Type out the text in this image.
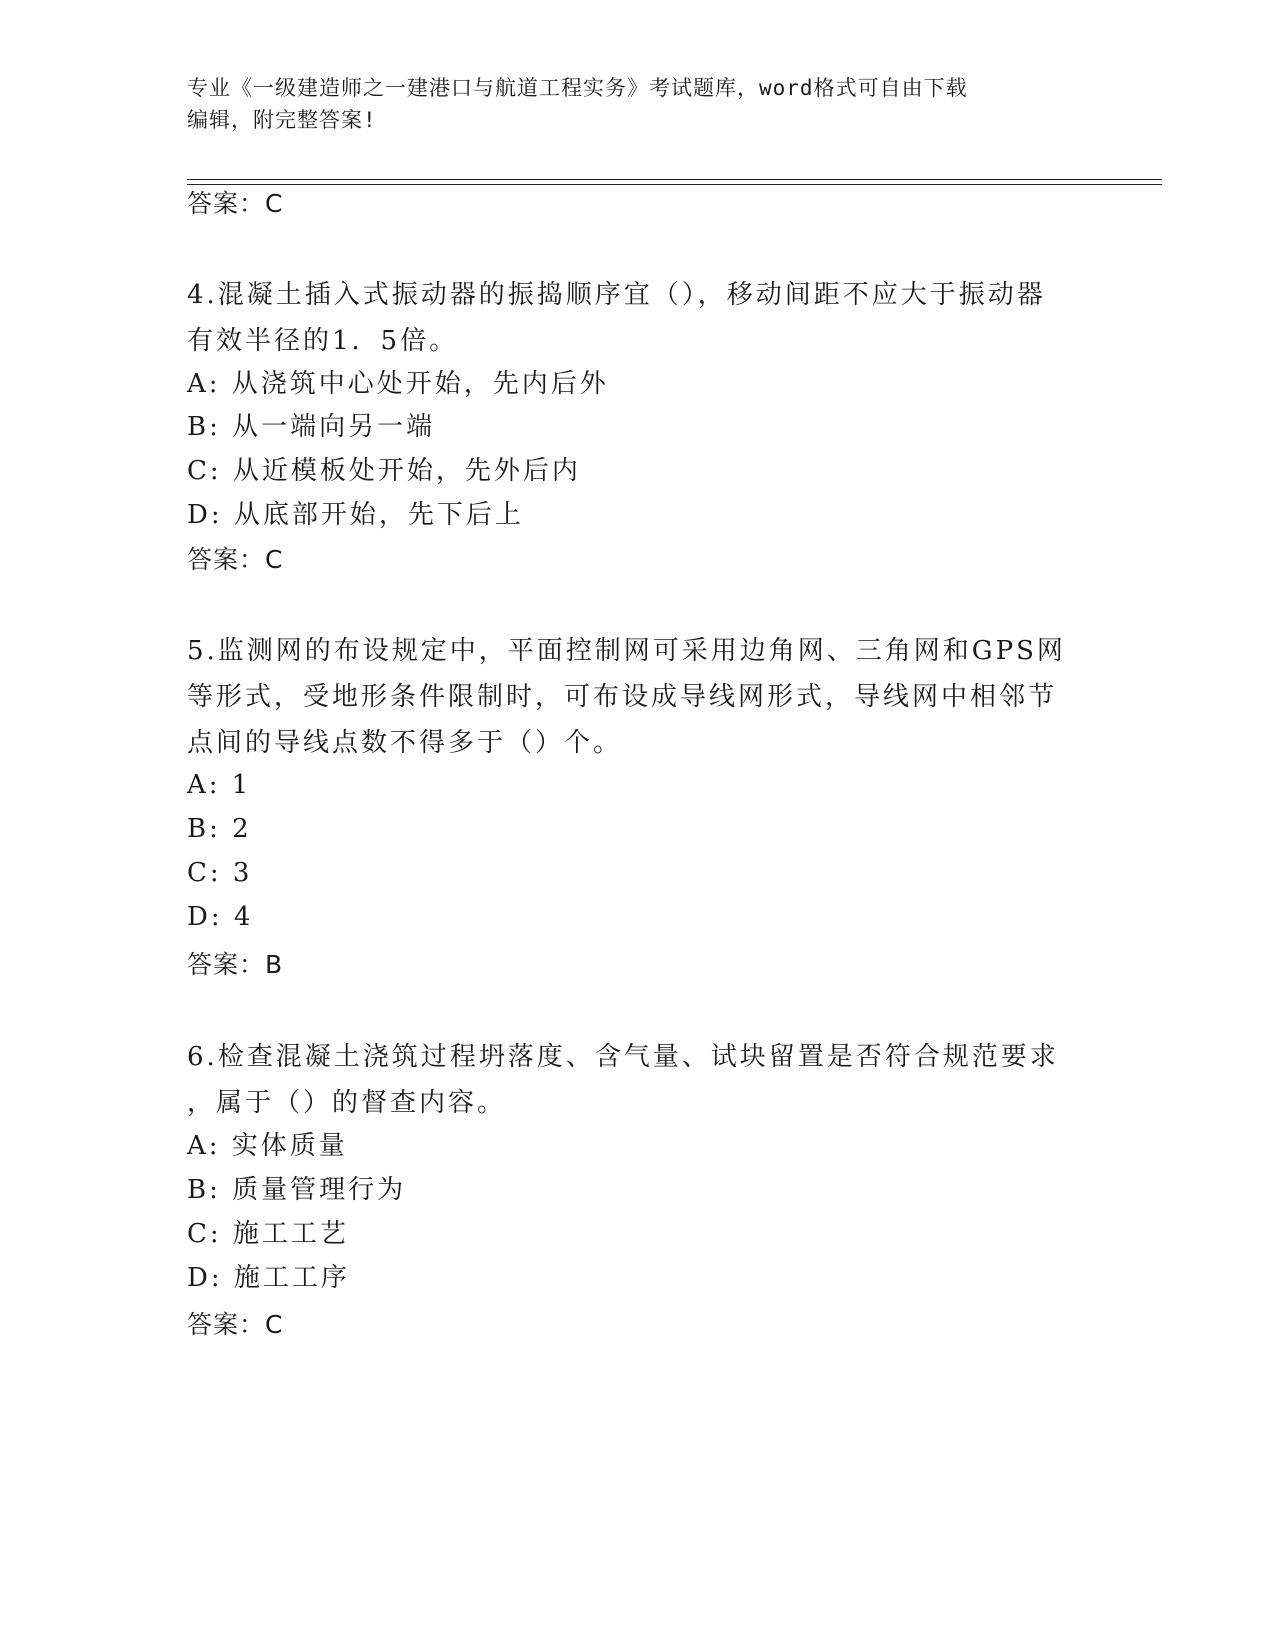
专业《一级建造师之一建港口与航道工程实务》考试题库，word格式可自由下载
编辑，附完整答案!
答案：C
4.混凝土插入式振动器的振捣顺序宜（），移动间距不应大于振动器
有效半径的1．5倍。
A: 从浇筑中心处开始，先内后外
B: 从一端向另一端
C: 从近模板处开始，先外后内
D: 从底部开始，先下后上
答案：C
5.监测网的布设规定中，平面控制网可采用边角网、三角网和GPS网
等形式，受地形条件限制时，可布设成导线网形式，导线网中相邻节
点间的导线点数不得多于（）个。
A: 1
B: 2
C: 3
D: 4
答案：B
6.检查混凝土浇筑过程坍落度、含气量、试块留置是否符合规范要求
，属于（）的督查内容。
A: 实体质量
B: 质量管理行为
C: 施工工艺
D: 施工工序
答案：C
